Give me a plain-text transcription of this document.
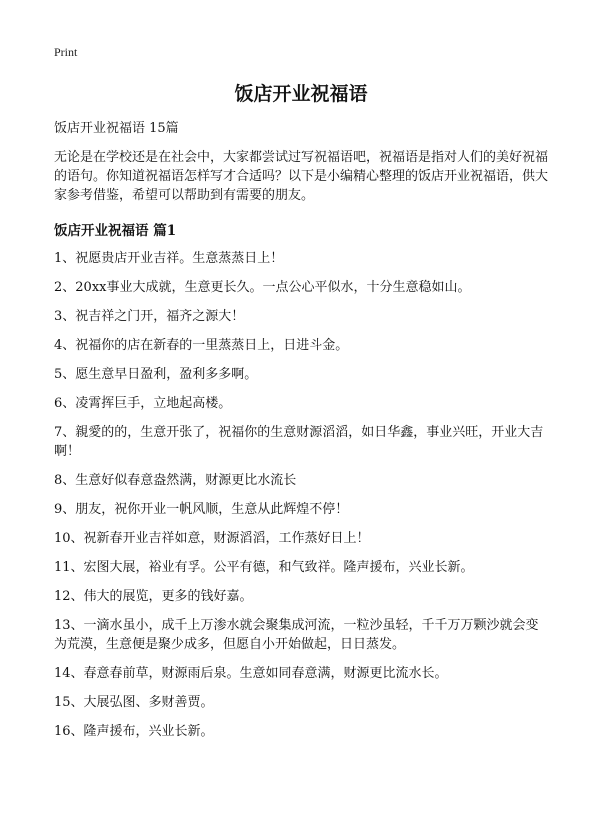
Print
饭店开业祝福语
饭店开业祝福语 15篇
无论是在学校还是在社会中，大家都尝试过写祝福语吧，祝福语是指对人们的美好祝福的语句。你知道祝福语怎样写才合适吗？以下是小编精心整理的饭店开业祝福语，供大家参考借鉴，希望可以帮助到有需要的朋友。
饭店开业祝福语 篇1
1、祝愿贵店开业吉祥。生意蒸蒸日上！
2、20xx事业大成就，生意更长久。一点公心平似水，十分生意稳如山。
3、祝吉祥之门开，福齐之源大！
4、祝福你的店在新春的一里蒸蒸日上，日进斗金。
5、愿生意早日盈利，盈利多多啊。
6、凌霄挥巨手，立地起高楼。
7、親愛的的，生意开张了，祝福你的生意财源滔滔，如日华鑫，事业兴旺，开业大吉啊！
8、生意好似春意盎然满，财源更比水流长
9、朋友，祝你开业一帆风顺，生意从此辉煌不停！
10、祝新春开业吉祥如意，财源滔滔，工作蒸好日上！
11、宏图大展，裕业有孚。公平有德，和气致祥。隆声援布，兴业长新。
12、伟大的展览，更多的钱好嘉。
13、一滴水虽小，成千上万渗水就会聚集成河流，一粒沙虽轻，千千万万颗沙就会变为荒漠，生意便是聚少成多，但愿自小开始做起，日日蒸发。
14、春意春前草，财源雨后泉。生意如同春意满，财源更比流水长。
15、大展弘图、多财善贾。
16、隆声援布，兴业长新。
